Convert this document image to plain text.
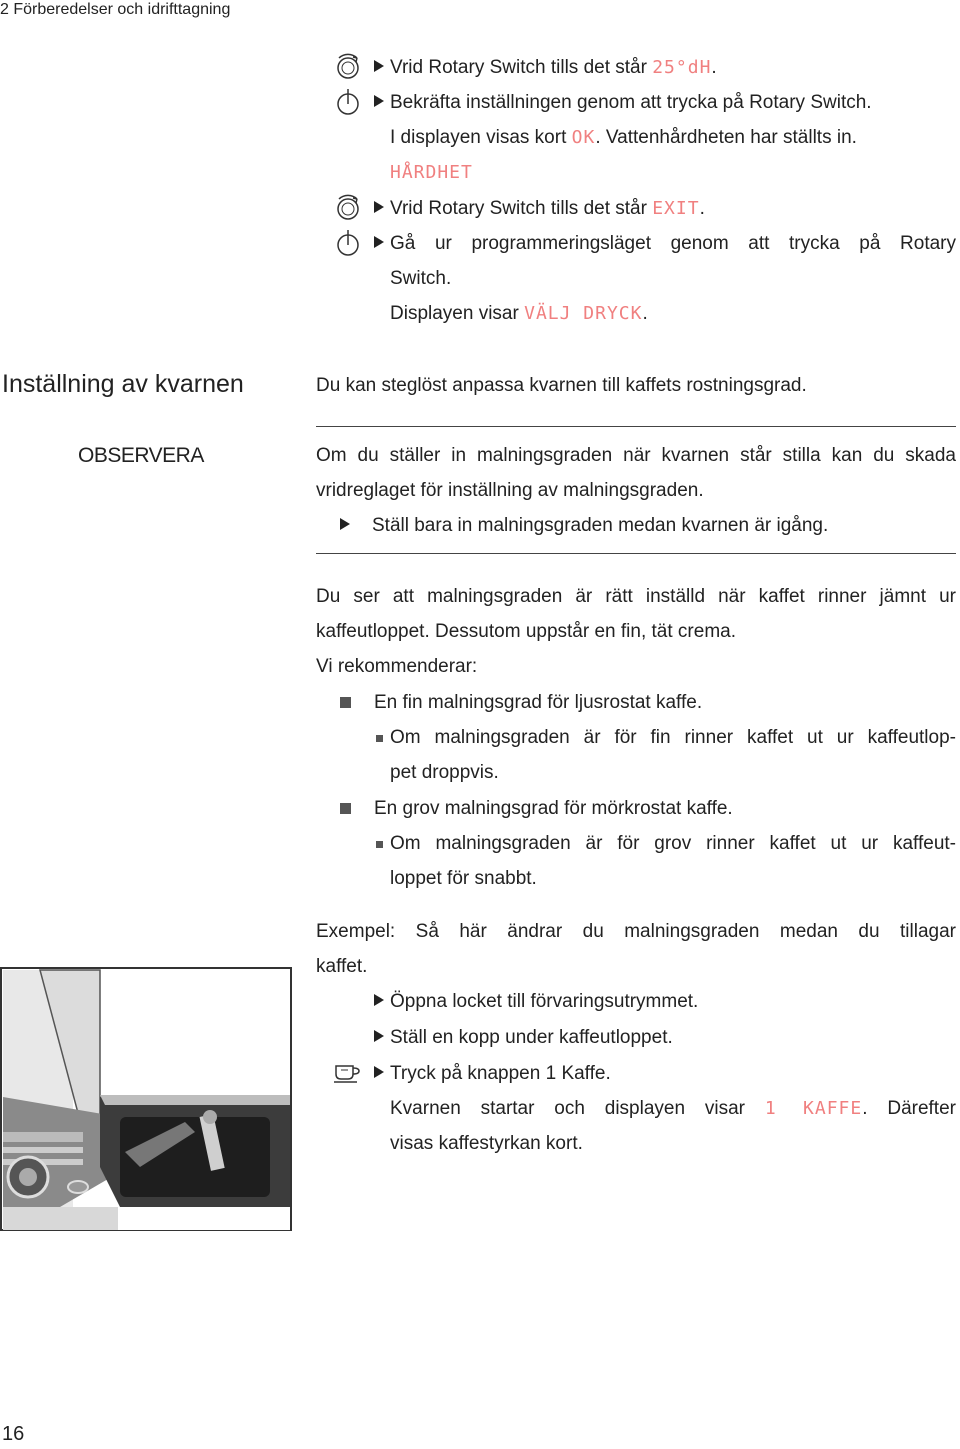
2 Förberedelser och idrifttagning
Vrid Rotary Switch tills det står 25°dH.
Bekräfta inställningen genom att trycka på Rotary Switch.
I displayen visas kort OK. Vattenhårdheten har ställts in.
HÅRDHET
Vrid Rotary Switch tills det står EXIT.
Gå ur programmeringsläget genom att trycka på Rotary
Switch.
Displayen visar VÄLJ DRYCK.
Inställning av kvarnen	Du kan steglöst anpassa kvarnen till kaffets rostningsgrad.
OBSERVERA	Om du ställer in malningsgraden när kvarnen står stilla kan du skada
vridreglaget för inställning av malningsgraden.
Ställ bara in malningsgraden medan kvarnen är igång.
Du ser att malningsgraden är rätt inställd när kaffet rinner jämnt ur
kaffeutloppet. Dessutom uppstår en fin, tät crema.
Vi rekommenderar:
En fin malningsgrad för ljusrostat kaffe.
Om malningsgraden är för fin rinner kaffet ut ur kaffeutlop-
pet droppvis.
En grov malningsgrad för mörkrostat kaffe.
Om malningsgraden är för grov rinner kaffet ut ur kaffeut-
loppet för snabbt.
Exempel: Så här ändrar du malningsgraden medan du tillagar
kaffet.
Öppna locket till förvaringsutrymmet.
Ställ en kopp under kaffeutloppet.
Tryck på knappen 1 Kaffe.
Kvarnen startar och displayen visar 1 KAFFE. Därefter
visas kaffestyrkan kort.
16
